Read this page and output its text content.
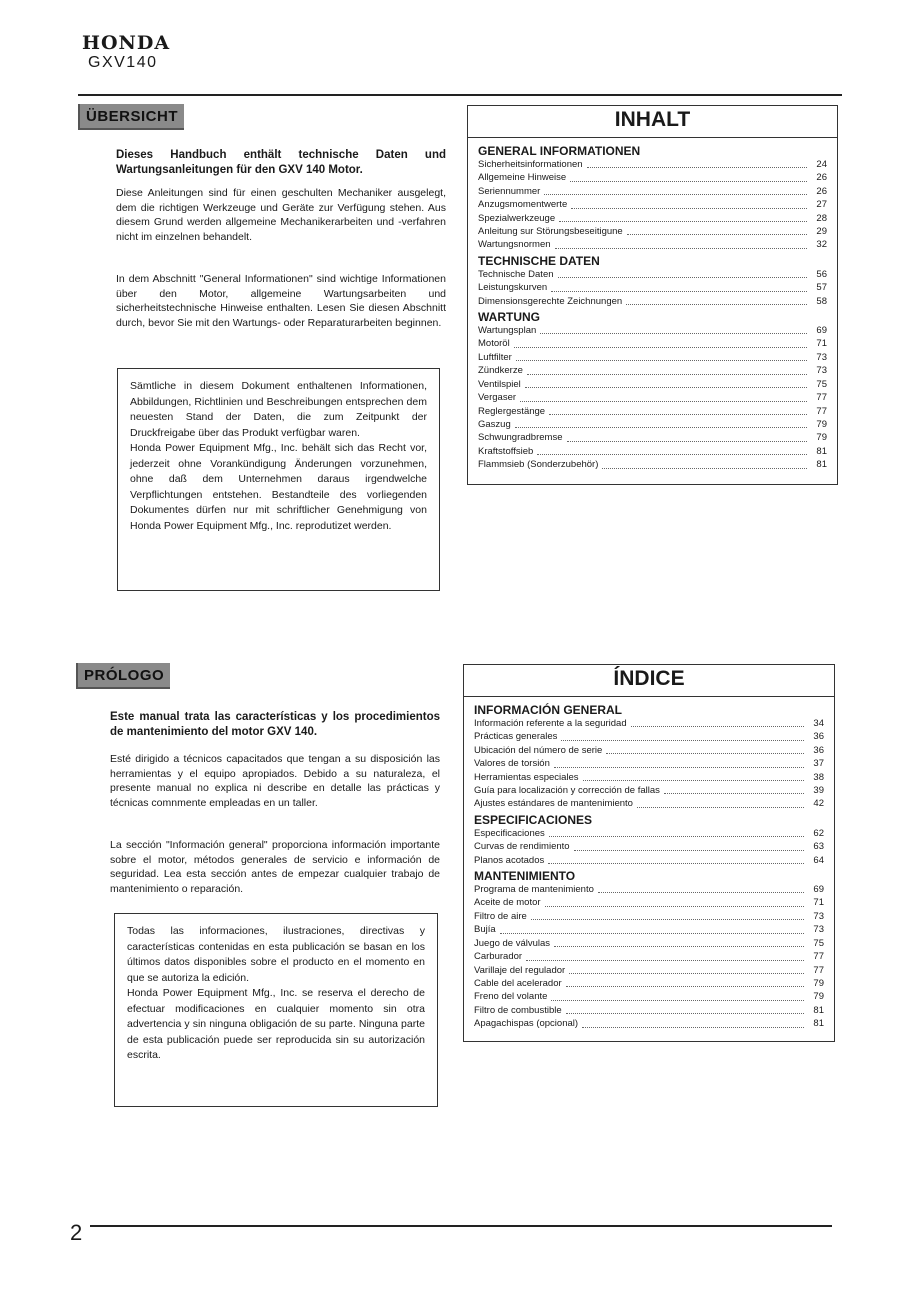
HONDA
GXV140
ÜBERSICHT
Dieses Handbuch enthält technische Daten und Wartungsanleitungen für den GXV 140 Motor.
Diese Anleitungen sind für einen geschulten Mechaniker ausgelegt, dem die richtigen Werkzeuge und Geräte zur Verfügung stehen. Aus diesem Grund werden allgemeine Mechanikerarbeiten und -verfahren nicht im einzelnen behandelt.
In dem Abschnitt "General Informationen" sind wichtige Informationen über den Motor, allgemeine Wartungsarbeiten und sicherheitstechnische Hinweise enthalten. Lesen Sie diesen Abschnitt durch, bevor Sie mit den Wartungs- oder Reparaturarbeiten beginnen.
Sämtliche in diesem Dokument enthaltenen Informationen, Abbildungen, Richtlinien und Beschreibungen entsprechen dem neuesten Stand der Daten, die zum Zeitpunkt der Druckfreigabe über das Produkt verfügbar waren.
Honda Power Equipment Mfg., Inc. behält sich das Recht vor, jederzeit ohne Vorankündigung Änderungen vorzunehmen, ohne daß dem Unternehmen daraus irgendwelche Verpflichtungen entstehen. Bestandteile des vorliegenden Dokumentes dürfen nur mit schriftlicher Genehmigung von Honda Power Equipment Mfg., Inc. reprodutizet werden.
INHALT
GENERAL INFORMATIONEN
Sicherheitsinformationen	24
Allgemeine Hinweise	26
Seriennummer	26
Anzugsmomentwerte	27
Spezialwerkzeuge	28
Anleitung sur Störungsbeseitigune	29
Wartungsnormen	32
TECHNISCHE DATEN
Technische Daten	56
Leistungskurven	57
Dimensionsgerechte Zeichnungen	58
WARTUNG
Wartungsplan	69
Motoröl	71
Luftfilter	73
Zündkerze	73
Ventilspiel	75
Vergaser	77
Reglergestänge	77
Gaszug	79
Schwungradbremse	79
Kraftstoffsieb	81
Flammsieb (Sonderzubehör)	81
PRÓLOGO
Este manual trata las características y los procedimientos de mantenimiento del motor GXV 140.
Esté dirigido a técnicos capacitados que tengan a su disposición las herramientas y el equipo apropiados. Debido a su naturaleza, el presente manual no explica ni describe en detalle las prácticas y técnicas comnmente empleadas en un taller.
La sección "Información general" proporciona información importante sobre el motor, métodos generales de servicio e información de seguridad. Lea esta sección antes de empezar cualquier trabajo de mantenimiento o reparación.
Todas las informaciones, ilustraciones, directivas y características contenidas en esta publicación se basan en los últimos datos disponibles sobre el producto en el momento en que se autoriza la edición.
Honda Power Equipment Mfg., Inc. se reserva el derecho de efectuar modificaciones en cualquier momento sin otra advertencia y sin ninguna obligación de su parte. Ninguna parte de esta publicación puede ser reproducida sin su autorización escrita.
ÍNDICE
INFORMACIÓN GENERAL
Información referente a la seguridad	34
Prácticas generales	36
Ubicación del número de serie	36
Valores de torsión	37
Herramientas especiales	38
Guía para localización y corrección de fallas	39
Ajustes estándares de mantenimiento	42
ESPECIFICACIONES
Especificaciones	62
Curvas de rendimiento	63
Planos acotados	64
MANTENIMIENTO
Programa de mantenimiento	69
Aceite de motor	71
Filtro de aire	73
Bujía	73
Juego de válvulas	75
Carburador	77
Varillaje del regulador	77
Cable del acelerador	79
Freno del volante	79
Filtro de combustible	81
Apagachispas (opcional)	81
2
